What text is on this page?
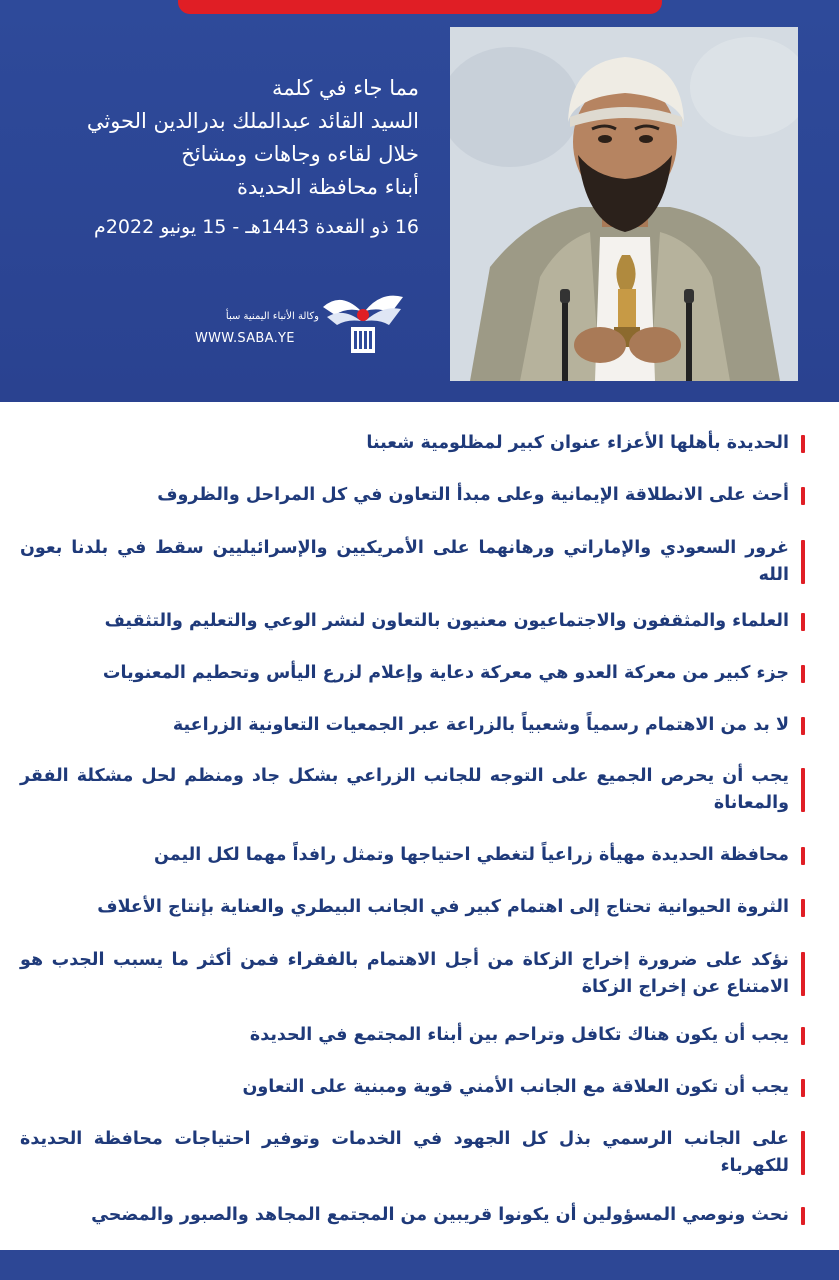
مما جاء في كلمة
السيد القائد عبدالملك بدرالدين الحوثي
خلال لقاءه وجاهات ومشائخ
أبناء محافظة الحديدة
16 ذو القعدة 1443هـ - 15 يونيو 2022م
وكالة الأنباء اليمنية سبأ
WWW.SABA.YE
الحديدة بأهلها الأعزاء عنوان كبير لمظلومية شعبنا
أحث على الانطلاقة الإيمانية وعلى مبدأ التعاون في كل المراحل والظروف
غرور السعودي والإماراتي ورهانهما على الأمريكيين والإسرائيليين سقط في بلدنا بعون الله
العلماء والمثقفون والاجتماعيون معنيون بالتعاون لنشر الوعي والتعليم والتثقيف
جزء كبير من معركة العدو هي معركة دعاية وإعلام لزرع اليأس وتحطيم المعنويات
لا بد من الاهتمام رسمياً وشعبياً بالزراعة عبر الجمعيات التعاونية الزراعية
يجب أن يحرص الجميع على التوجه للجانب الزراعي بشكل جاد ومنظم لحل مشكلة الفقر والمعاناة
محافظة الحديدة مهيأة زراعياً لتغطي احتياجها وتمثل رافداً مهما لكل اليمن
الثروة الحيوانية تحتاج إلى اهتمام كبير في الجانب البيطري والعناية بإنتاج الأعلاف
نؤكد على ضرورة إخراج الزكاة من أجل الاهتمام بالفقراء فمن أكثر ما يسبب الجدب هو الامتناع عن إخراج الزكاة
يجب أن يكون هناك تكافل وتراحم بين أبناء المجتمع في الحديدة
يجب أن تكون العلاقة مع الجانب الأمني قوية ومبنية على التعاون
على الجانب الرسمي بذل كل الجهود في الخدمات وتوفير احتياجات محافظة الحديدة للكهرباء
نحث ونوصي المسؤولين أن يكونوا قريبين من المجتمع المجاهد والصبور والمضحي
